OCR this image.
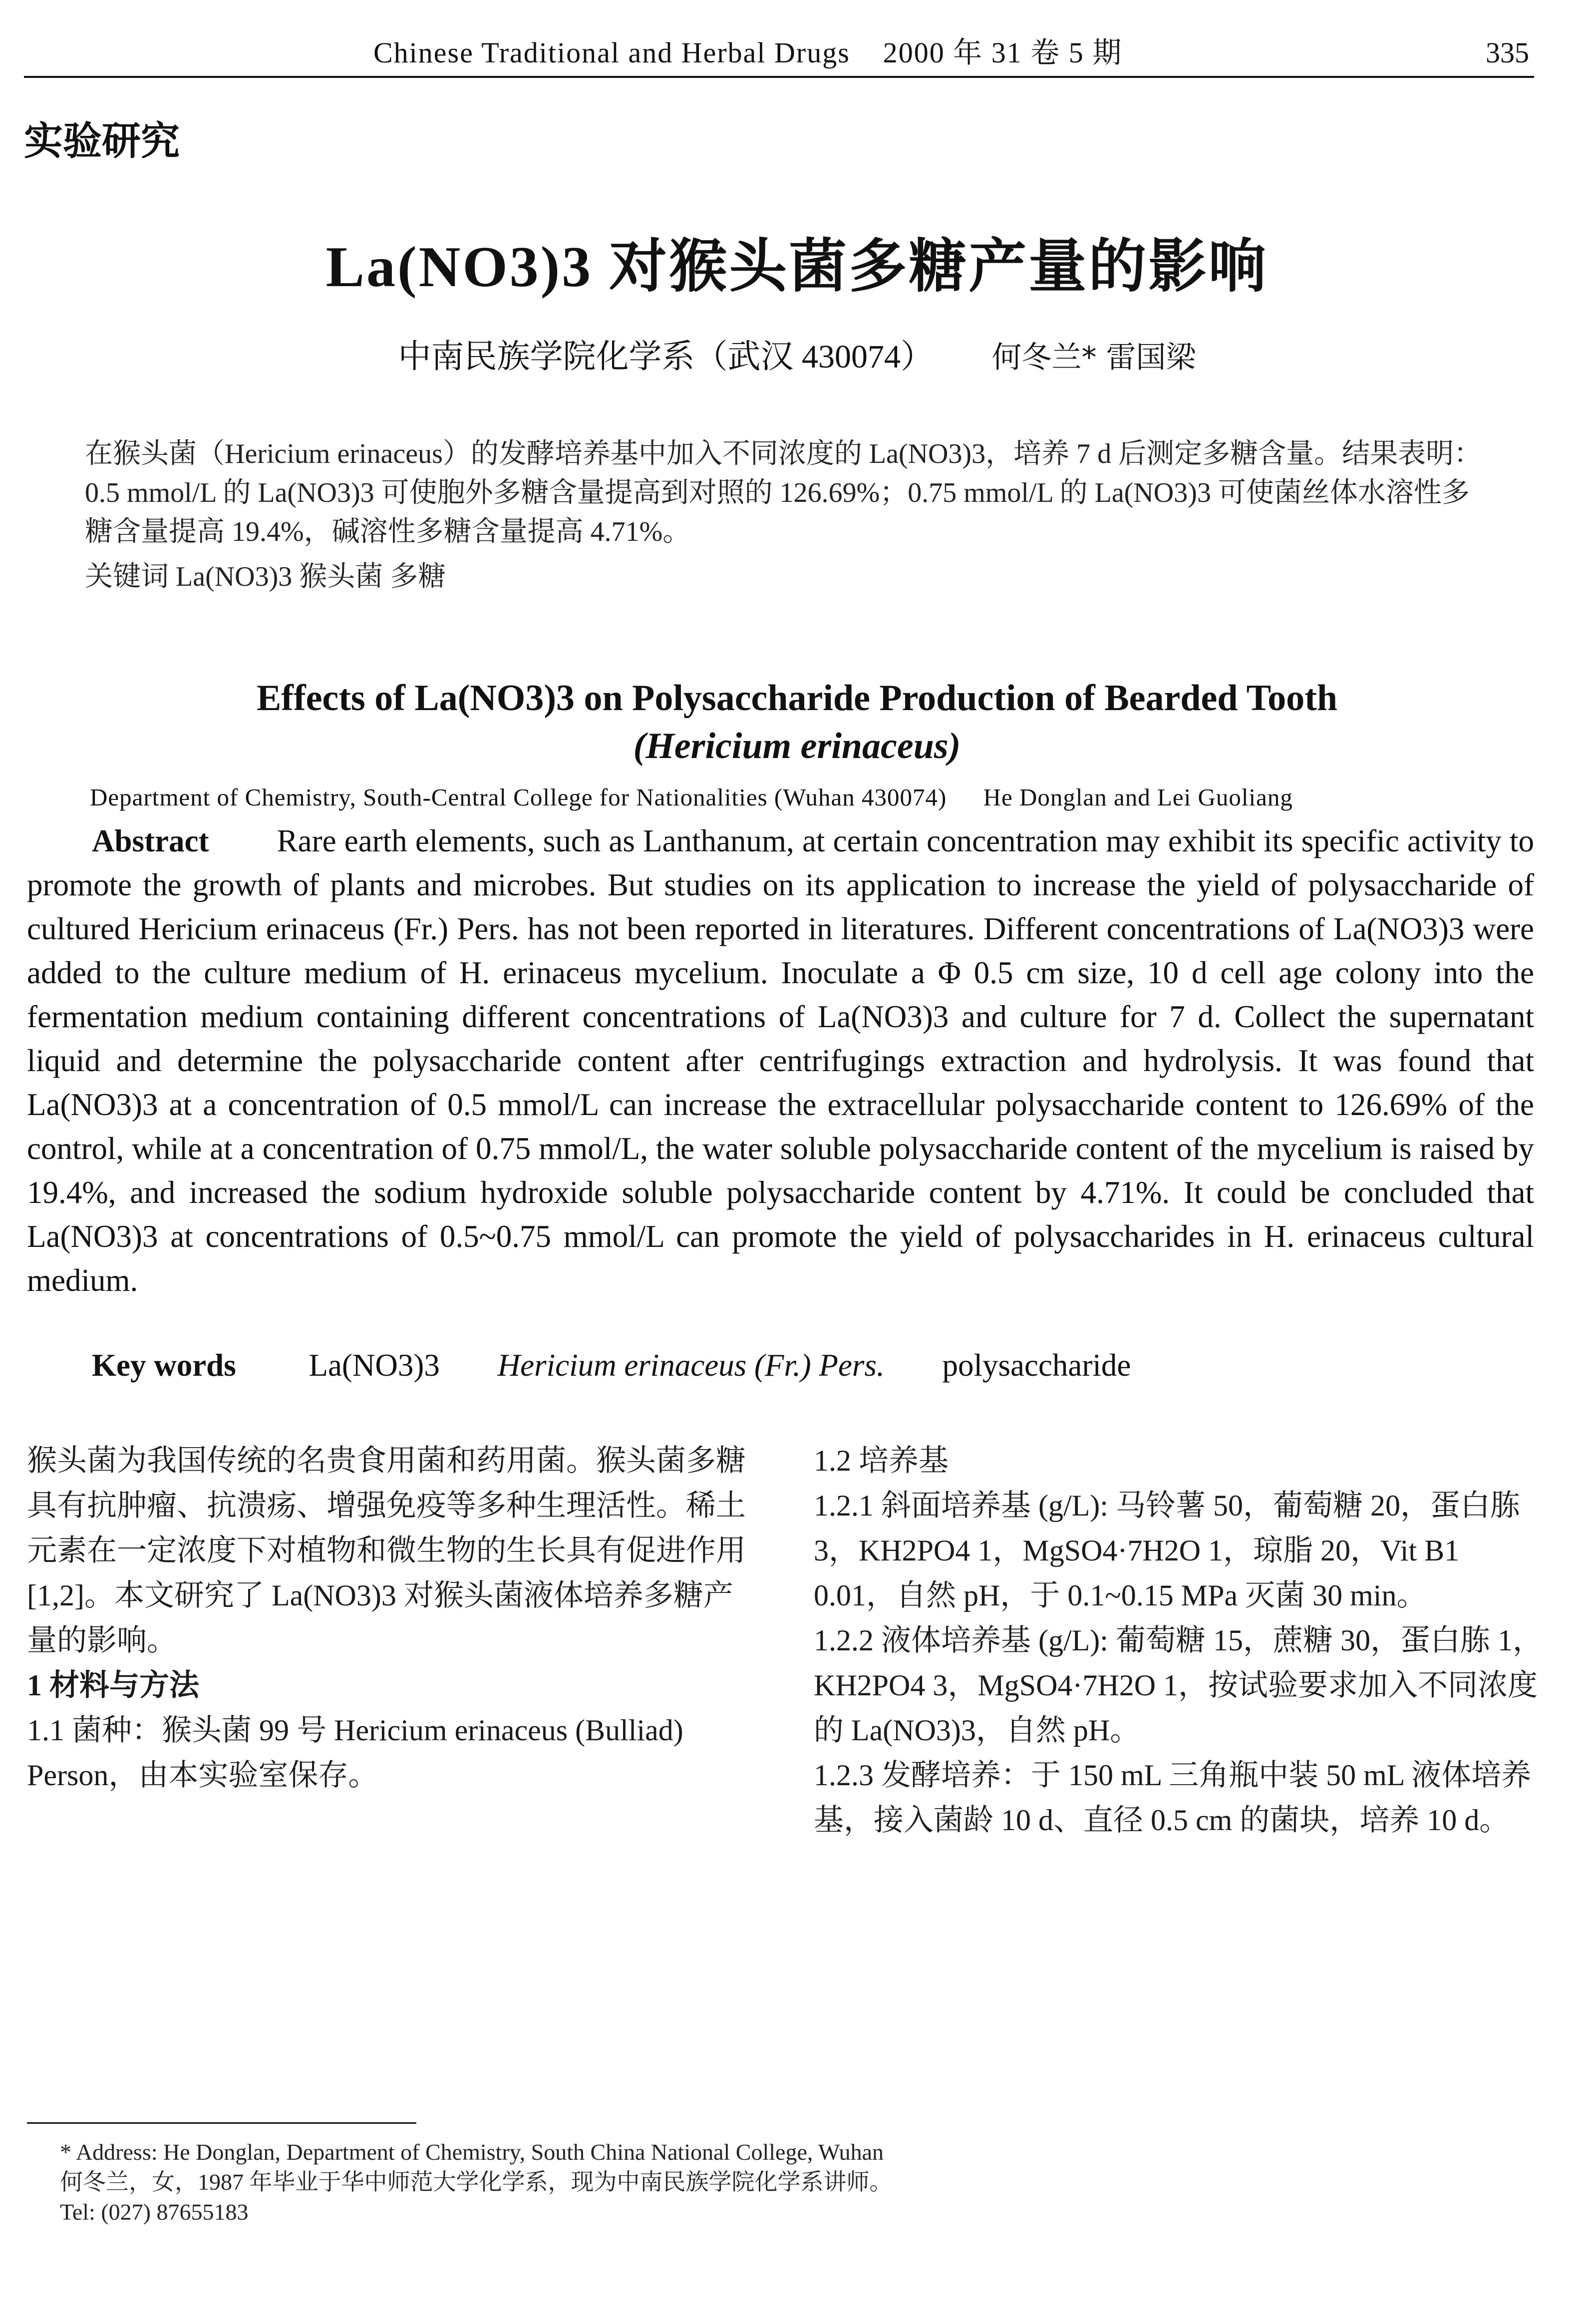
Chinese Traditional and Herbal Drugs 2000 年 31 卷 5 期	335
实验研究
La(NO3)3 对猴头菌多糖产量的影响
中南民族学院化学系（武汉 430074） 何冬兰* 雷国梁

在猴头菌（Hericium erinaceus）的发酵培养基中加入不同浓度的 La(NO3)3，培养 7 d 后测定多糖含量。结果表明：0.5 mmol/L 的 La(NO3)3 可使胞外多糖含量提高到对照的 126.69%；0.75 mmol/L 的 La(NO3)3 可使菌丝体水溶性多糖含量提高 19.4%，碱溶性多糖含量提高 4.71%。

关键词 La(NO3)3 猴头菌 多糖

Effects of La(NO3)3 on Polysaccharide Production of Bearded Tooth
(Hericium erinaceus)
Department of Chemistry, South-Central College for Nationalities (Wuhan 430074) He Donglan and Lei Guoliang
Abstract Rare earth elements, such as Lanthanum, at certain concentration may exhibit its specific activity to promote the growth of plants and microbes. But studies on its application to increase the yield of polysaccharide of cultured Hericium erinaceus (Fr.) Pers. has not been reported in literatures. Different concentrations of La(NO3)3 were added to the culture medium of H. erinaceus mycelium. Inoculate a Φ 0.5 cm size, 10 d cell age colony into the fermentation medium containing different concentrations of La(NO3)3 and culture for 7 d. Collect the supernatant liquid and determine the polysaccharide content after centrifugings extraction and hydrolysis. It was found that La(NO3)3 at a concentration of 0.5 mmol/L can increase the extracellular polysaccharide content to 126.69% of the control, while at a concentration of 0.75 mmol/L, the water soluble polysaccharide content of the mycelium is raised by 19.4%, and increased the sodium hydroxide soluble polysaccharide content by 4.71%. It could be concluded that La(NO3)3 at concentrations of 0.5~0.75 mmol/L can promote the yield of polysaccharides in H. erinaceus cultural medium.
Key words La(NO3)3 Hericium erinaceus (Fr.) Pers. polysaccharide

猴头菌为我国传统的名贵食用菌和药用菌。猴头菌多糖具有抗肿瘤、抗溃疡、增强免疫等多种生理活性。稀土元素在一定浓度下对植物和微生物的生长具有促进作用 [1,2]。本文研究了 La(NO3)3 对猴头菌液体培养多糖产量的影响。

1 材料与方法

1.1 菌种：猴头菌 99 号 Hericium erinaceus (Bulliad) Person，由本实验室保存。

1.2 培养基

1.2.1 斜面培养基 (g/L): 马铃薯 50，葡萄糖 20，蛋白胨 3，KH2PO4 1，MgSO4·7H2O 1，琼脂 20，Vit B1 0.01，自然 pH，于 0.1~0.15 MPa 灭菌 30 min。

1.2.2 液体培养基 (g/L): 葡萄糖 15，蔗糖 30，蛋白胨 1，KH2PO4 3，MgSO4·7H2O 1，按试验要求加入不同浓度的 La(NO3)3，自然 pH。

1.2.3 发酵培养：于 150 mL 三角瓶中装 50 mL 液体培养基，接入菌龄 10 d、直径 0.5 cm 的菌块，培养 10 d。

* Address: He Donglan, Department of Chemistry, South China National College, Wuhan

何冬兰，女，1987 年毕业于华中师范大学化学系，现为中南民族学院化学系讲师。

Tel: (027) 87655183
